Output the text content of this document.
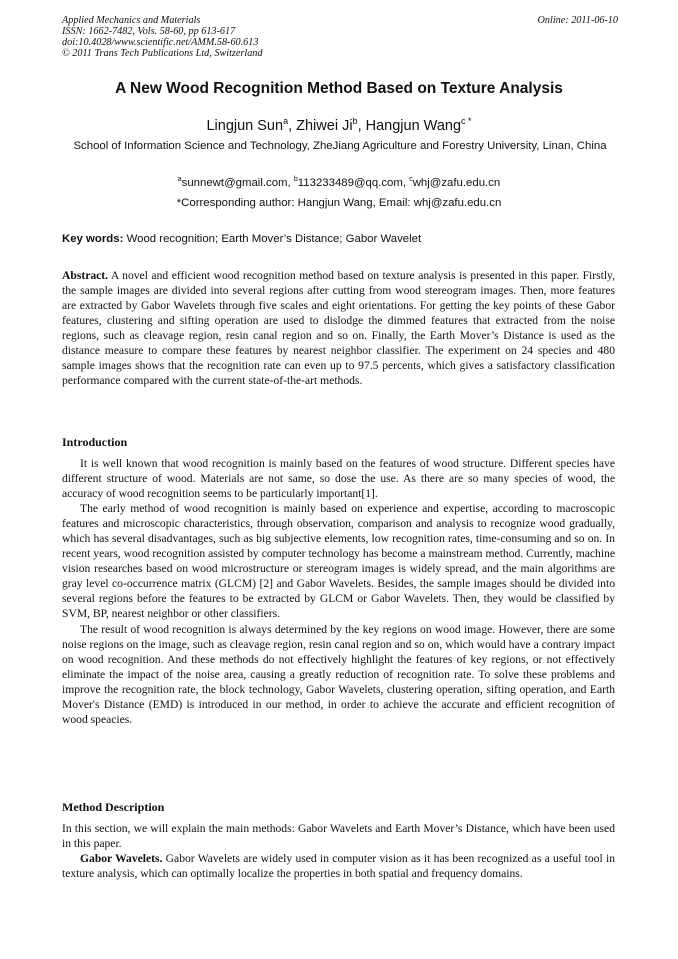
Applied Mechanics and Materials
ISSN: 1662-7482, Vols. 58-60, pp 613-617
doi:10.4028/www.scientific.net/AMM.58-60.613
© 2011 Trans Tech Publications Ltd, Switzerland
Online: 2011-06-10
A New Wood Recognition Method Based on Texture Analysis
Lingjun Sun$^a$, Zhiwei Ji$^b$, Hangjun Wang$^{c *}$
School of Information Science and Technology, ZheJiang Agriculture and Forestry University, Linan, China
$^a$sunnewt@gmail.com, $^b$113233489@qq.com, $^c$whj@zafu.edu.cn
*Corresponding author: Hangjun Wang, Email: whj@zafu.edu.cn
Key words: Wood recognition; Earth Mover’s Distance; Gabor Wavelet

Abstract. A novel and efficient wood recognition method based on texture analysis is presented in this paper. Firstly, the sample images are divided into several regions after cutting from wood stereogram images. Then, more features are extracted by Gabor Wavelets through five scales and eight orientations. For getting the key points of these Gabor features, clustering and sifting operation are used to dislodge the dimmed features that extracted from the noise regions, such as cleavage region, resin canal region and so on. Finally, the Earth Mover’s Distance is used as the distance measure to compare these features by nearest neighbor classifier. The experiment on 24 species and 480 sample images shows that the recognition rate can even up to 97.5 percents, which gives a satisfactory classification performance compared with the current state-of-the-art methods.

Introduction

It is well known that wood recognition is mainly based on the features of wood structure. Different species have different structure of wood. Materials are not same, so dose the use. As there are so many species of wood, the accuracy of wood recognition seems to be particularly important[1].

The early method of wood recognition is mainly based on experience and expertise, according to macroscopic features and microscopic characteristics, through observation, comparison and analysis to recognize wood gradually, which has several disadvantages, such as big subjective elements, low recognition rates, time-consuming and so on. In recent years, wood recognition assisted by computer technology has become a mainstream method. Currently, machine vision researches based on wood microstructure or stereogram images is widely spread, and the main algorithms are gray level co-occurrence matrix (GLCM) [2] and Gabor Wavelets. Besides, the sample images should be divided into several regions before the features to be extracted by GLCM or Gabor Wavelets. Then, they would be classified by SVM, BP, nearest neighbor or other classifiers.

The result of wood recognition is always determined by the key regions on wood image. However, there are some noise regions on the image, such as cleavage region, resin canal region and so on, which would have a contrary impact on wood recognition. And these methods do not effectively highlight the features of key regions, or not effectively eliminate the impact of the noise area, causing a greatly reduction of recognition rate. To solve these problems and improve the recognition rate, the block technology, Gabor Wavelets, clustering operation, sifting operation, and Earth Mover's Distance (EMD) is introduced in our method, in order to achieve the accurate and efficient recognition of wood speacies.

Method Description

In this section, we will explain the main methods: Gabor Wavelets and Earth Mover’s Distance, which have been used in this paper.

Gabor Wavelets. Gabor Wavelets are widely used in computer vision as it has been recognized as a useful tool in texture analysis, which can optimally localize the properties in both spatial and frequency domains.
